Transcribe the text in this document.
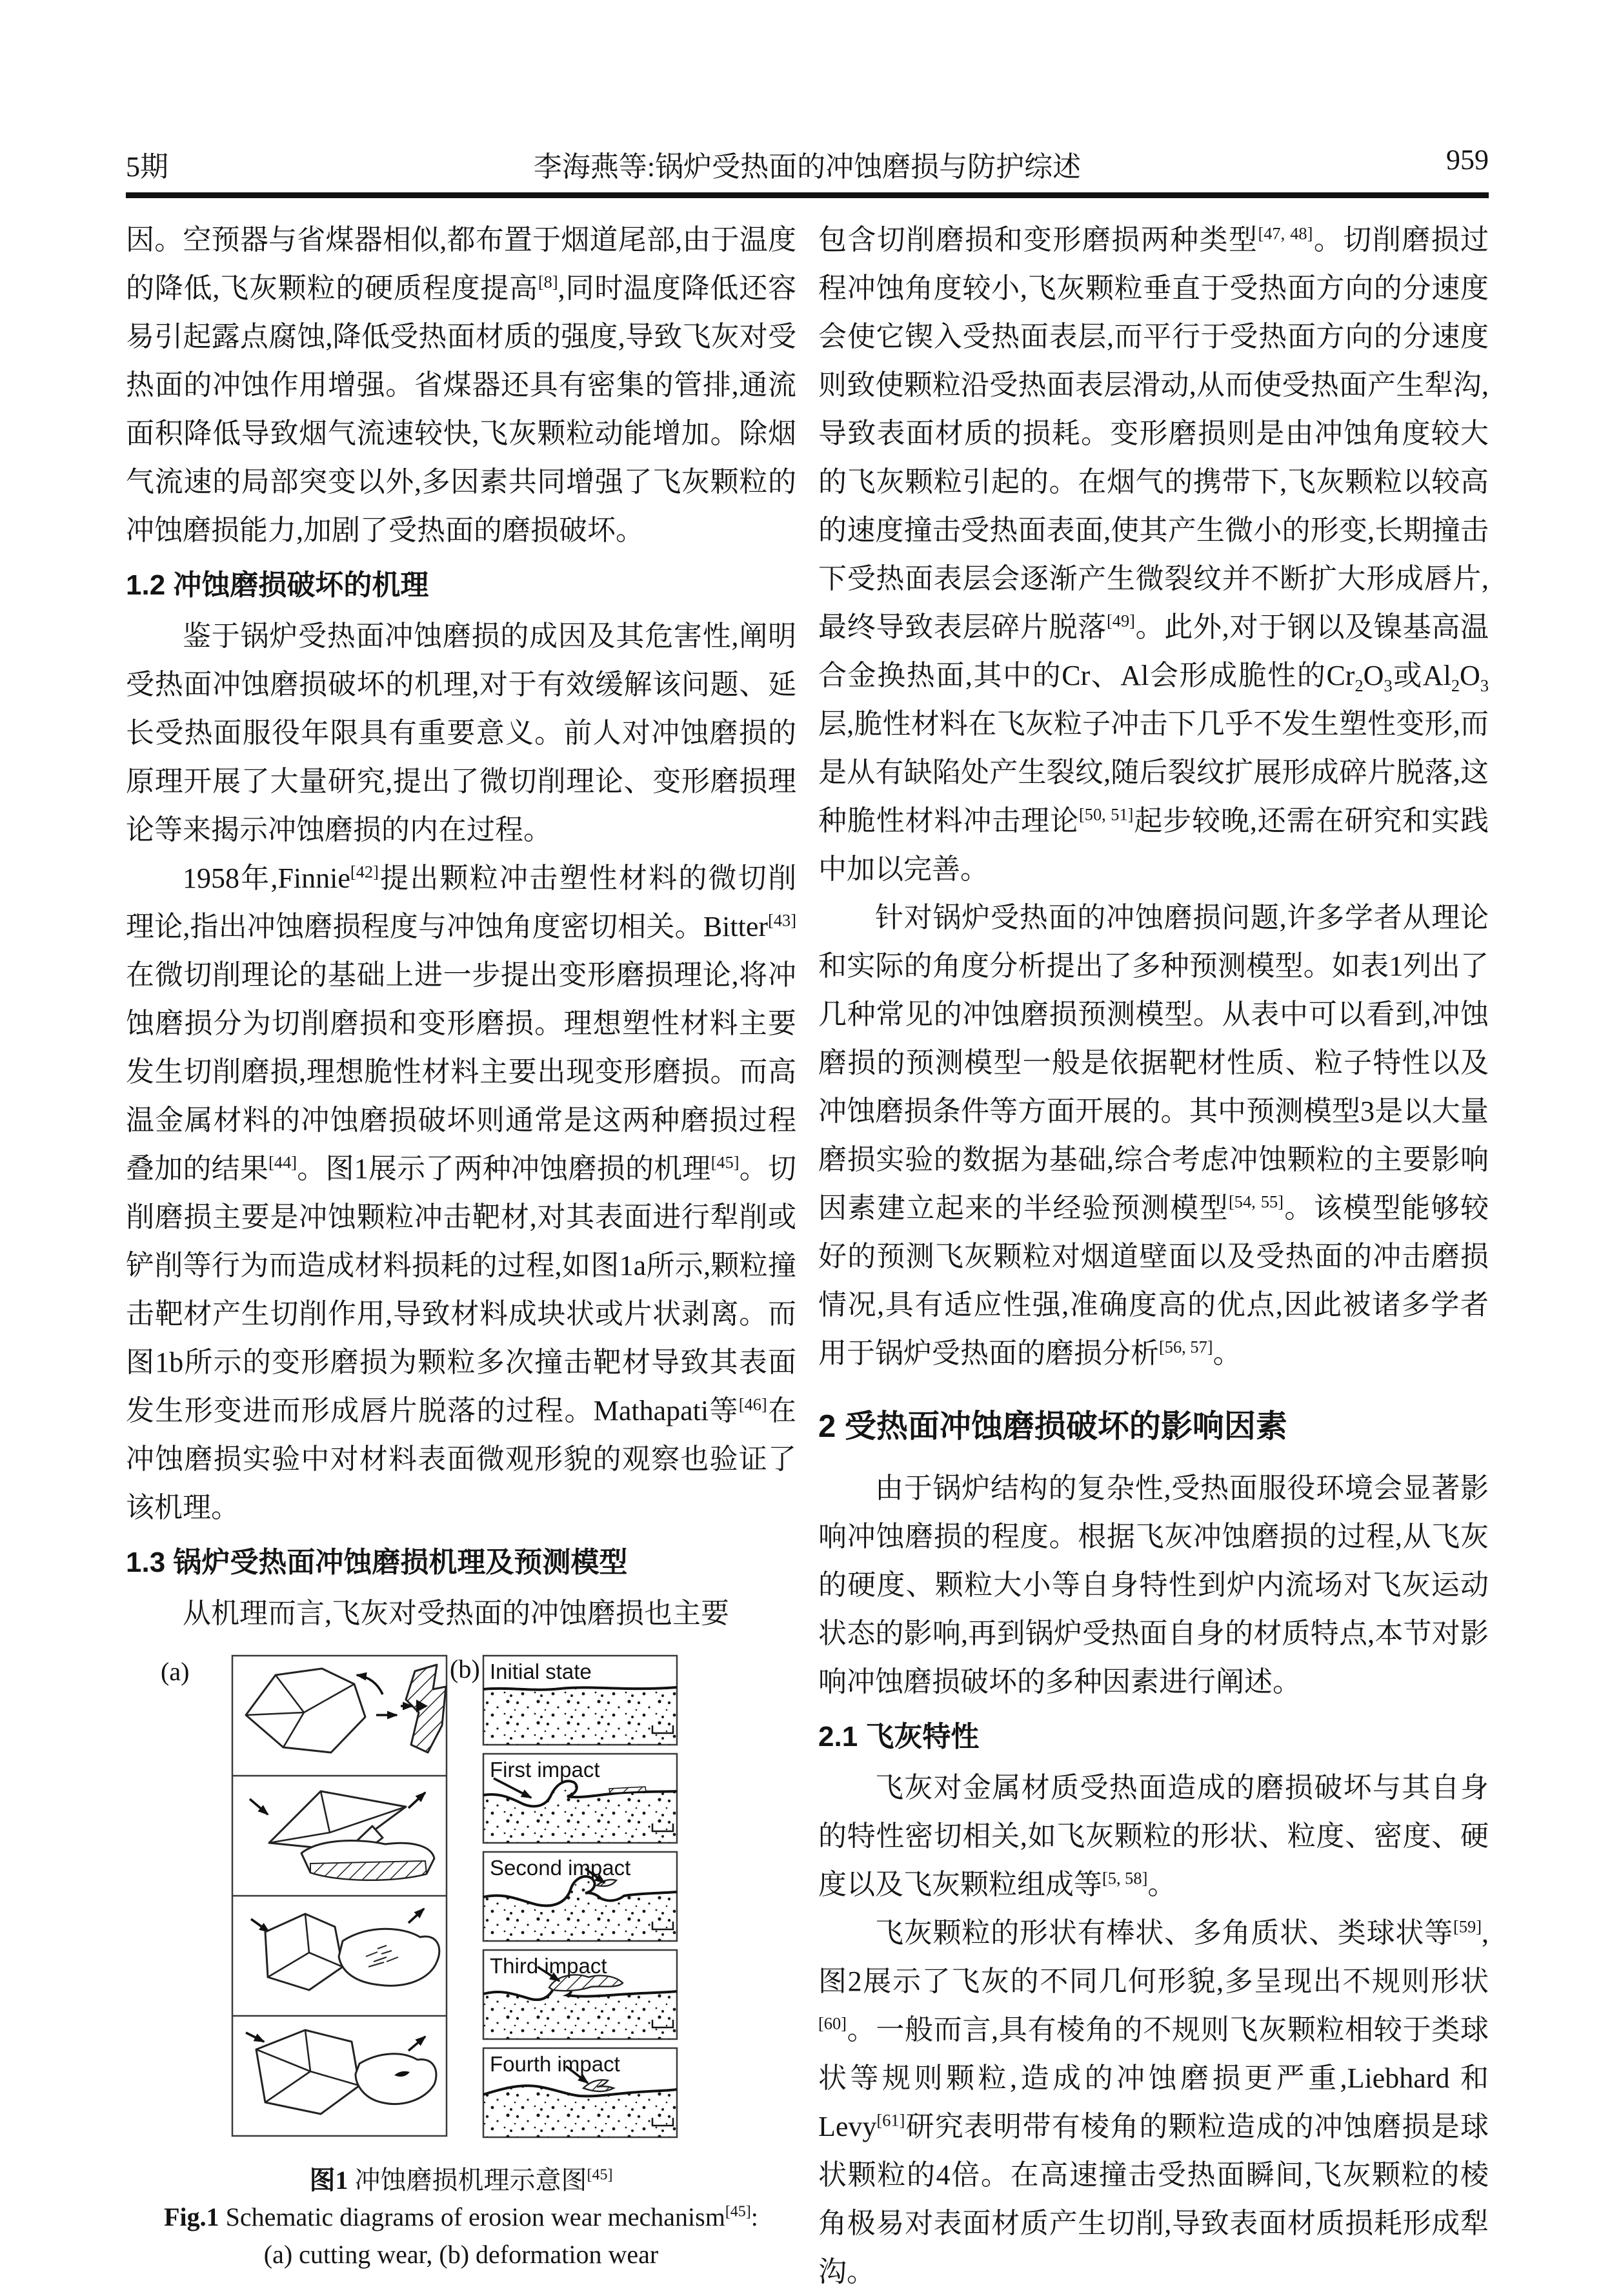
5期	李海燕等:锅炉受热面的冲蚀磨损与防护综述	959

因。空预器与省煤器相似,都布置于烟道尾部,由于温度的降低,飞灰颗粒的硬质程度提高[8],同时温度降低还容易引起露点腐蚀,降低受热面材质的强度,导致飞灰对受热面的冲蚀作用增强。省煤器还具有密集的管排,通流面积降低导致烟气流速较快,飞灰颗粒动能增加。除烟气流速的局部突变以外,多因素共同增强了飞灰颗粒的冲蚀磨损能力,加剧了受热面的磨损破坏。

1.2 冲蚀磨损破坏的机理

鉴于锅炉受热面冲蚀磨损的成因及其危害性,阐明受热面冲蚀磨损破坏的机理,对于有效缓解该问题、延长受热面服役年限具有重要意义。前人对冲蚀磨损的原理开展了大量研究,提出了微切削理论、变形磨损理论等来揭示冲蚀磨损的内在过程。

1958年,Finnie[42]提出颗粒冲击塑性材料的微切削理论,指出冲蚀磨损程度与冲蚀角度密切相关。Bitter[43]在微切削理论的基础上进一步提出变形磨损理论,将冲蚀磨损分为切削磨损和变形磨损。理想塑性材料主要发生切削磨损,理想脆性材料主要出现变形磨损。而高温金属材料的冲蚀磨损破坏则通常是这两种磨损过程叠加的结果[44]。图1展示了两种冲蚀磨损的机理[45]。切削磨损主要是冲蚀颗粒冲击靶材,对其表面进行犁削或铲削等行为而造成材料损耗的过程,如图1a所示,颗粒撞击靶材产生切削作用,导致材料成块状或片状剥离。而图1b所示的变形磨损为颗粒多次撞击靶材导致其表面发生形变进而形成唇片脱落的过程。Mathapati等[46]在冲蚀磨损实验中对材料表面微观形貌的观察也验证了该机理。

1.3 锅炉受热面冲蚀磨损机理及预测模型

从机理而言,飞灰对受热面的冲蚀磨损也主要

(a)	(b) Initial state
First impact
Second impact
Third impact
Fourth impact
图1 冲蚀磨损机理示意图[45]
Fig.1 Schematic diagrams of erosion wear mechanism[45]:
(a) cutting wear, (b) deformation wear

包含切削磨损和变形磨损两种类型[47, 48]。切削磨损过程冲蚀角度较小,飞灰颗粒垂直于受热面方向的分速度会使它锲入受热面表层,而平行于受热面方向的分速度则致使颗粒沿受热面表层滑动,从而使受热面产生犁沟,导致表面材质的损耗。变形磨损则是由冲蚀角度较大的飞灰颗粒引起的。在烟气的携带下,飞灰颗粒以较高的速度撞击受热面表面,使其产生微小的形变,长期撞击下受热面表层会逐渐产生微裂纹并不断扩大形成唇片,最终导致表层碎片脱落[49]。此外,对于钢以及镍基高温合金换热面,其中的Cr、Al会形成脆性的$Cr_2O_3$或$Al_2O_3$层,脆性材料在飞灰粒子冲击下几乎不发生塑性变形,而是从有缺陷处产生裂纹,随后裂纹扩展形成碎片脱落,这种脆性材料冲击理论[50, 51]起步较晚,还需在研究和实践中加以完善。

针对锅炉受热面的冲蚀磨损问题,许多学者从理论和实际的角度分析提出了多种预测模型。如表1列出了几种常见的冲蚀磨损预测模型。从表中可以看到,冲蚀磨损的预测模型一般是依据靶材性质、粒子特性以及冲蚀磨损条件等方面开展的。其中预测模型3是以大量磨损实验的数据为基础,综合考虑冲蚀颗粒的主要影响因素建立起来的半经验预测模型[54, 55]。该模型能够较好的预测飞灰颗粒对烟道壁面以及受热面的冲击磨损情况,具有适应性强,准确度高的优点,因此被诸多学者用于锅炉受热面的磨损分析[56, 57]。

2 受热面冲蚀磨损破坏的影响因素

由于锅炉结构的复杂性,受热面服役环境会显著影响冲蚀磨损的程度。根据飞灰冲蚀磨损的过程,从飞灰的硬度、颗粒大小等自身特性到炉内流场对飞灰运动状态的影响,再到锅炉受热面自身的材质特点,本节对影响冲蚀磨损破坏的多种因素进行阐述。

2.1 飞灰特性

飞灰对金属材质受热面造成的磨损破坏与其自身的特性密切相关,如飞灰颗粒的形状、粒度、密度、硬度以及飞灰颗粒组成等[5, 58]。

飞灰颗粒的形状有棒状、多角质状、类球状等[59],图2展示了飞灰的不同几何形貌,多呈现出不规则形状[60]。一般而言,具有棱角的不规则飞灰颗粒相较于类球状等规则颗粒,造成的冲蚀磨损更严重,Liebhard 和 Levy[61]研究表明带有棱角的颗粒造成的冲蚀磨损是球状颗粒的4倍。在高速撞击受热面瞬间,飞灰颗粒的棱角极易对表面材质产生切削,导致表面材质损耗形成犁沟。
